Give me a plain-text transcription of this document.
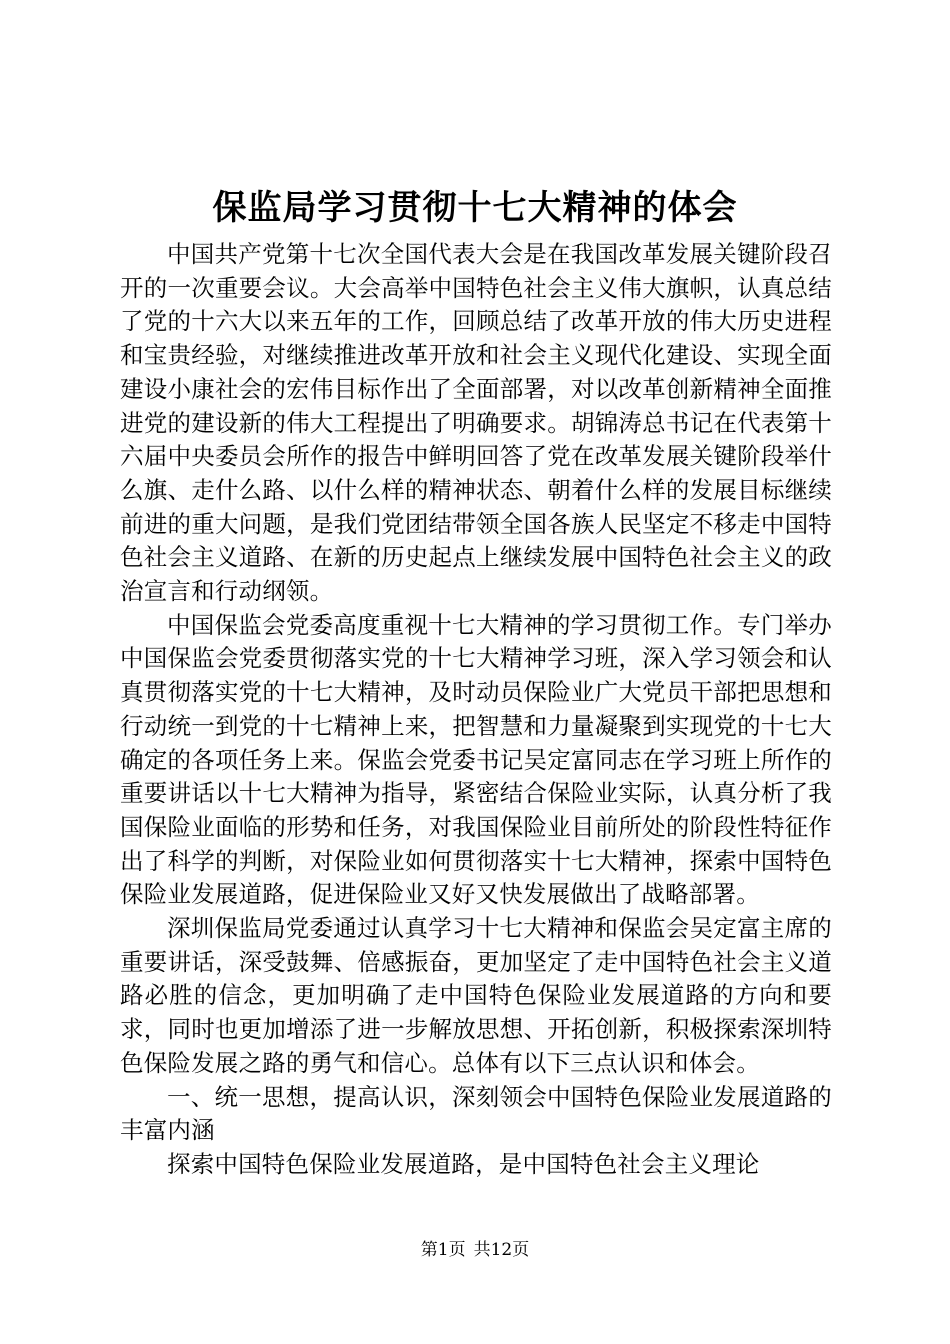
保监局学习贯彻十七大精神的体会

中国共产党第十七次全国代表大会是在我国改革发展关键阶段召开的一次重要会议。大会高举中国特色社会主义伟大旗帜，认真总结了党的十六大以来五年的工作，回顾总结了改革开放的伟大历史进程和宝贵经验，对继续推进改革开放和社会主义现代化建设、实现全面建设小康社会的宏伟目标作出了全面部署，对以改革创新精神全面推进党的建设新的伟大工程提出了明确要求。胡锦涛总书记在代表第十六届中央委员会所作的报告中鲜明回答了党在改革发展关键阶段举什么旗、走什么路、以什么样的精神状态、朝着什么样的发展目标继续前进的重大问题，是我们党团结带领全国各族人民坚定不移走中国特色社会主义道路、在新的历史起点上继续发展中国特色社会主义的政治宣言和行动纲领。

中国保监会党委高度重视十七大精神的学习贯彻工作。专门举办中国保监会党委贯彻落实党的十七大精神学习班，深入学习领会和认真贯彻落实党的十七大精神，及时动员保险业广大党员干部把思想和行动统一到党的十七精神上来，把智慧和力量凝聚到实现党的十七大确定的各项任务上来。保监会党委书记吴定富同志在学习班上所作的重要讲话以十七大精神为指导，紧密结合保险业实际，认真分析了我国保险业面临的形势和任务，对我国保险业目前所处的阶段性特征作出了科学的判断，对保险业如何贯彻落实十七大精神，探索中国特色保险业发展道路，促进保险业又好又快发展做出了战略部署。

深圳保监局党委通过认真学习十七大精神和保监会吴定富主席的重要讲话，深受鼓舞、倍感振奋，更加坚定了走中国特色社会主义道路必胜的信念，更加明确了走中国特色保险业发展道路的方向和要求，同时也更加增添了进一步解放思想、开拓创新，积极探索深圳特色保险发展之路的勇气和信心。总体有以下三点认识和体会。

一、统一思想，提高认识，深刻领会中国特色保险业发展道路的丰富内涵

探索中国特色保险业发展道路，是中国特色社会主义理论

第1页 共12页
